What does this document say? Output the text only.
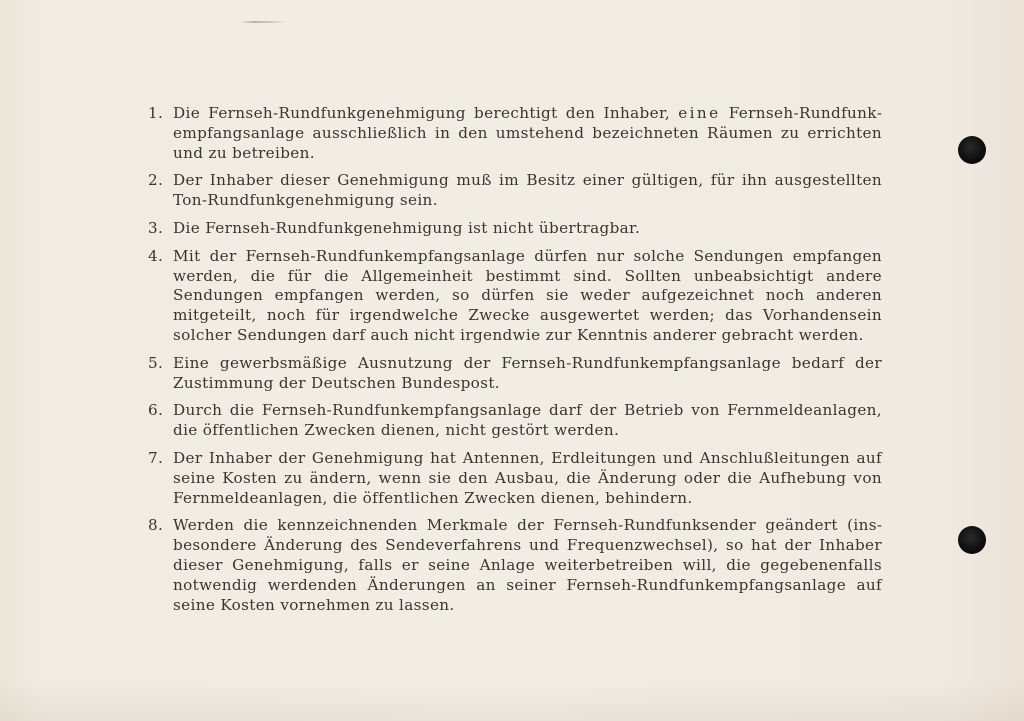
1. Die Fernseh-Rundfunkgenehmigung berechtigt den Inhaber, eine Fernseh-Rundfunkempfangsanlage ausschließlich in den umstehend bezeichneten Räumen zu errichten und zu betreiben.
2. Der Inhaber dieser Genehmigung muß im Besitz einer gültigen, für ihn ausgestellten Ton-Rundfunkgenehmigung sein.
3. Die Fernseh-Rundfunkgenehmigung ist nicht übertragbar.
4. Mit der Fernseh-Rundfunkempfangsanlage dürfen nur solche Sendungen empfangen werden, die für die Allgemeinheit bestimmt sind. Sollten unbeabsichtigt andere Sendungen empfangen werden, so dürfen sie weder aufgezeichnet noch anderen mitgeteilt, noch für irgendwelche Zwecke ausgewertet werden; das Vorhandensein solcher Sendungen darf auch nicht irgendwie zur Kenntnis anderer gebracht werden.
5. Eine gewerbsmäßige Ausnutzung der Fernseh-Rundfunkempfangsanlage bedarf der Zustimmung der Deutschen Bundespost.
6. Durch die Fernseh-Rundfunkempfangsanlage darf der Betrieb von Fernmeldeanlagen, die öffentlichen Zwecken dienen, nicht gestört werden.
7. Der Inhaber der Genehmigung hat Antennen, Erdleitungen und Anschlußleitungen auf seine Kosten zu ändern, wenn sie den Ausbau, die Änderung oder die Aufhebung von Fernmeldeanlagen, die öffentlichen Zwecken dienen, behindern.
8. Werden die kennzeichnenden Merkmale der Fernseh-Rundfunksender geändert (insbesondere Änderung des Sendeverfahrens und Frequenzwechsel), so hat der Inhaber dieser Genehmigung, falls er seine Anlage weiterbetreiben will, die gegebenenfalls notwendig werdenden Änderungen an seiner Fernseh-Rundfunkempfangsanlage auf seine Kosten vornehmen zu lassen.
